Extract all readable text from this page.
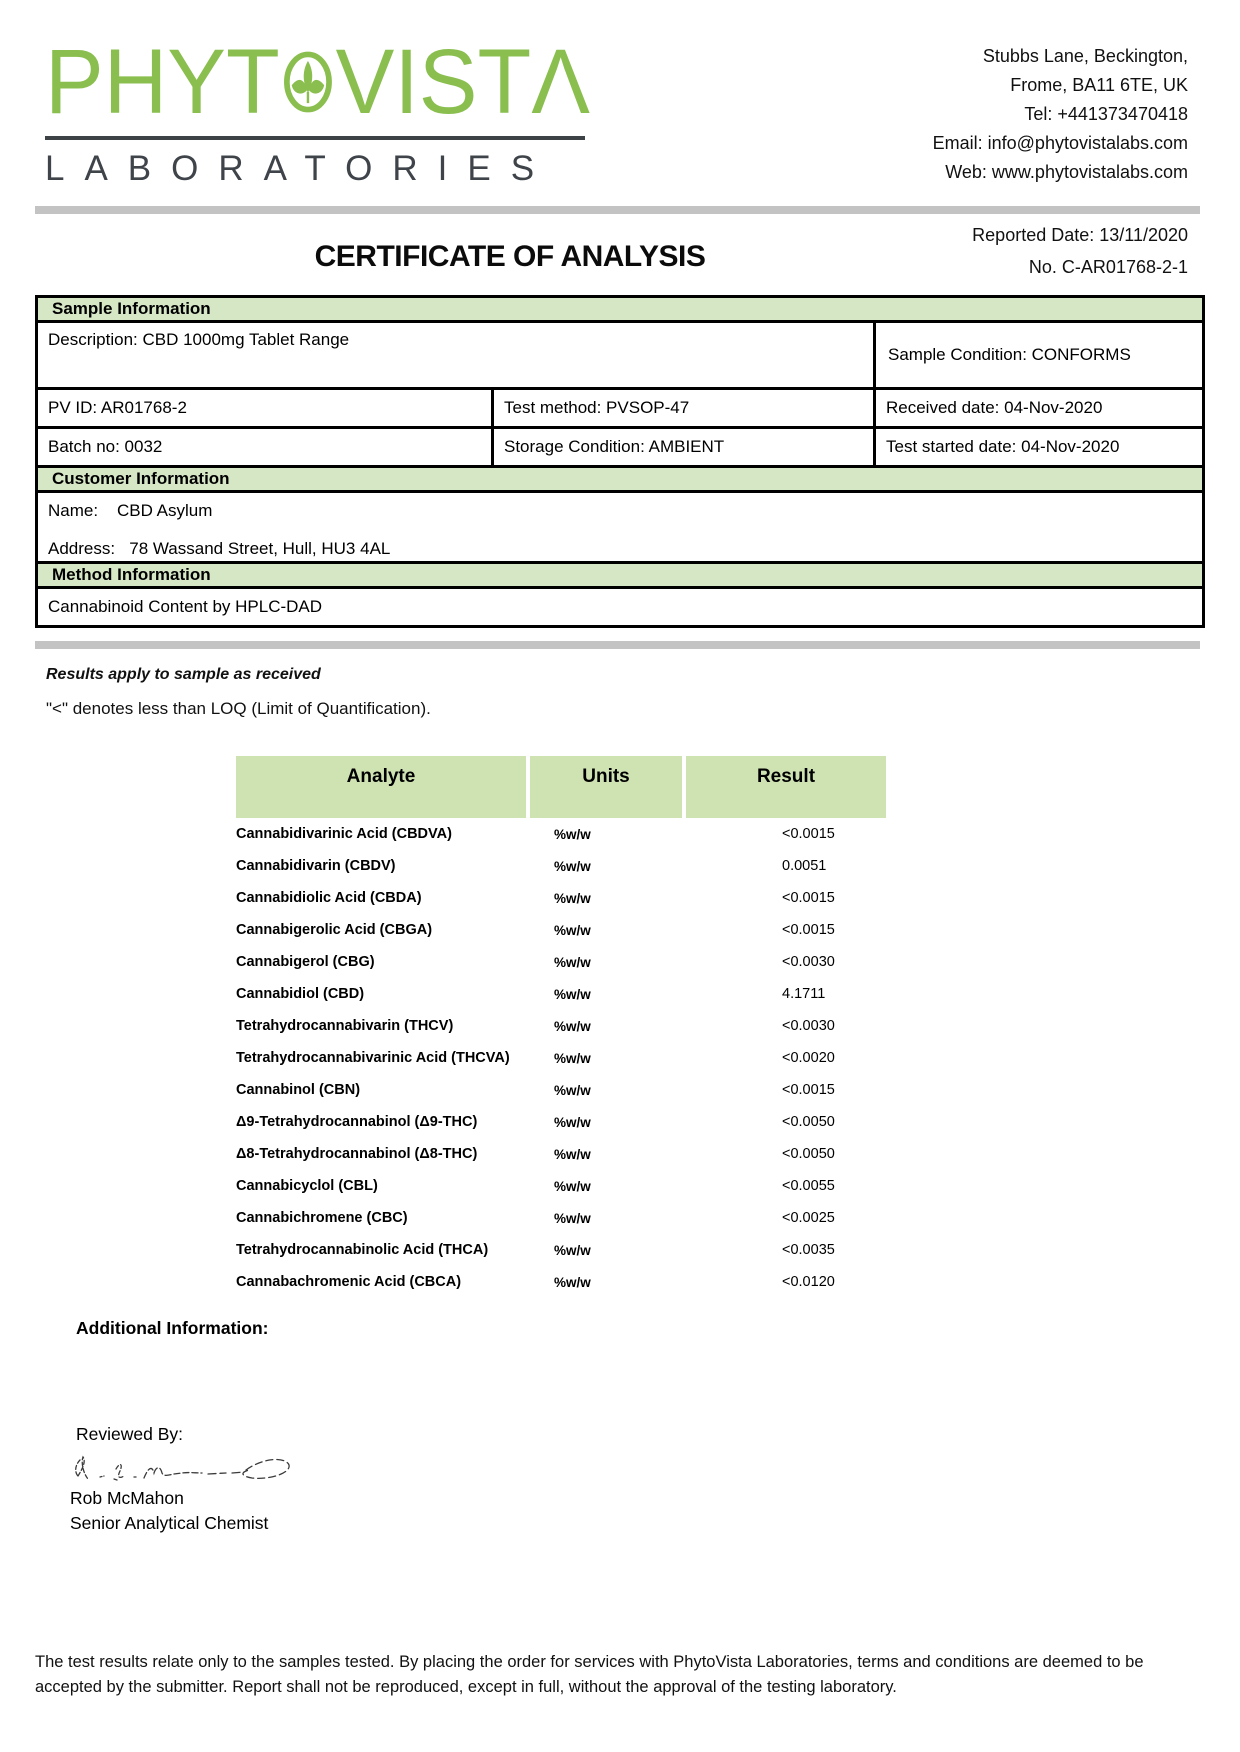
PHYT VIST Λ
LABORATORIES
Stubbs Lane, Beckington,
Frome, BA11 6TE, UK
Tel: +441373470418
Email: info@phytovistalabs.com
Web: www.phytovistalabs.com
Reported Date: 13/11/2020
No. C-AR01768-2-1
CERTIFICATE OF ANALYSIS
Sample Information
Description: CBD 1000mg Tablet Range
Sample Condition: CONFORMS
PV ID: AR01768-2	Test method: PVSOP-47	Received date: 04-Nov-2020
Batch no: 0032	Storage Condition: AMBIENT	Test started date: 04-Nov-2020
Customer Information
Name:    CBD Asylum
Address:   78 Wassand Street, Hull, HU3 4AL
Method Information
Cannabinoid Content by HPLC-DAD
Results apply to sample as received
"<" denotes less than LOQ (Limit of Quantification).
Analyte	Units	Result
Cannabidivarinic Acid (CBDVA)	%w/w	<0.0015
Cannabidivarin (CBDV)	%w/w	0.0051
Cannabidiolic Acid (CBDA)	%w/w	<0.0015
Cannabigerolic Acid (CBGA)	%w/w	<0.0015
Cannabigerol (CBG)	%w/w	<0.0030
Cannabidiol (CBD)	%w/w	4.1711
Tetrahydrocannabivarin (THCV)	%w/w	<0.0030
Tetrahydrocannabivarinic Acid (THCVA)	%w/w	<0.0020
Cannabinol (CBN)	%w/w	<0.0015
Δ9-Tetrahydrocannabinol (Δ9-THC)	%w/w	<0.0050
Δ8-Tetrahydrocannabinol (Δ8-THC)	%w/w	<0.0050
Cannabicyclol (CBL)	%w/w	<0.0055
Cannabichromene (CBC)	%w/w	<0.0025
Tetrahydrocannabinolic Acid (THCA)	%w/w	<0.0035
Cannabachromenic Acid (CBCA)	%w/w	<0.0120
Additional Information:
Reviewed By:
Rob McMahon
Senior Analytical Chemist
The test results relate only to the samples tested. By placing the order for services with PhytoVista Laboratories, terms and conditions are deemed to be accepted by the submitter. Report shall not be reproduced, except in full, without the approval of the testing laboratory.
